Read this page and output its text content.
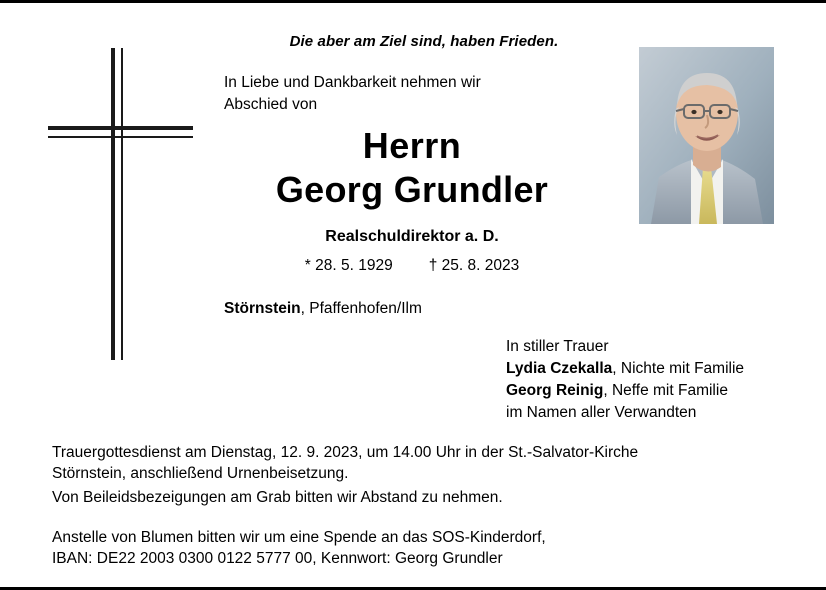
Die aber am Ziel sind, haben Frieden.
In Liebe und Dankbarkeit nehmen wir
Abschied von
Herrn
Georg Grundler
Realschuldirektor a. D.
* 28. 5. 1929 † 25. 8. 2023
Störnstein, Pfaffenhofen/Ilm
In stiller Trauer
Lydia Czekalla, Nichte mit Familie
Georg Reinig, Neffe mit Familie
im Namen aller Verwandten
Trauergottesdienst am Dienstag, 12. 9. 2023, um 14.00 Uhr in der St.-Salvator-Kirche
Störnstein, anschließend Urnenbeisetzung.
Von Beileidsbezeigungen am Grab bitten wir Abstand zu nehmen.
Anstelle von Blumen bitten wir um eine Spende an das SOS-Kinderdorf,
IBAN: DE22 2003 0300 0122 5777 00, Kennwort: Georg Grundler
